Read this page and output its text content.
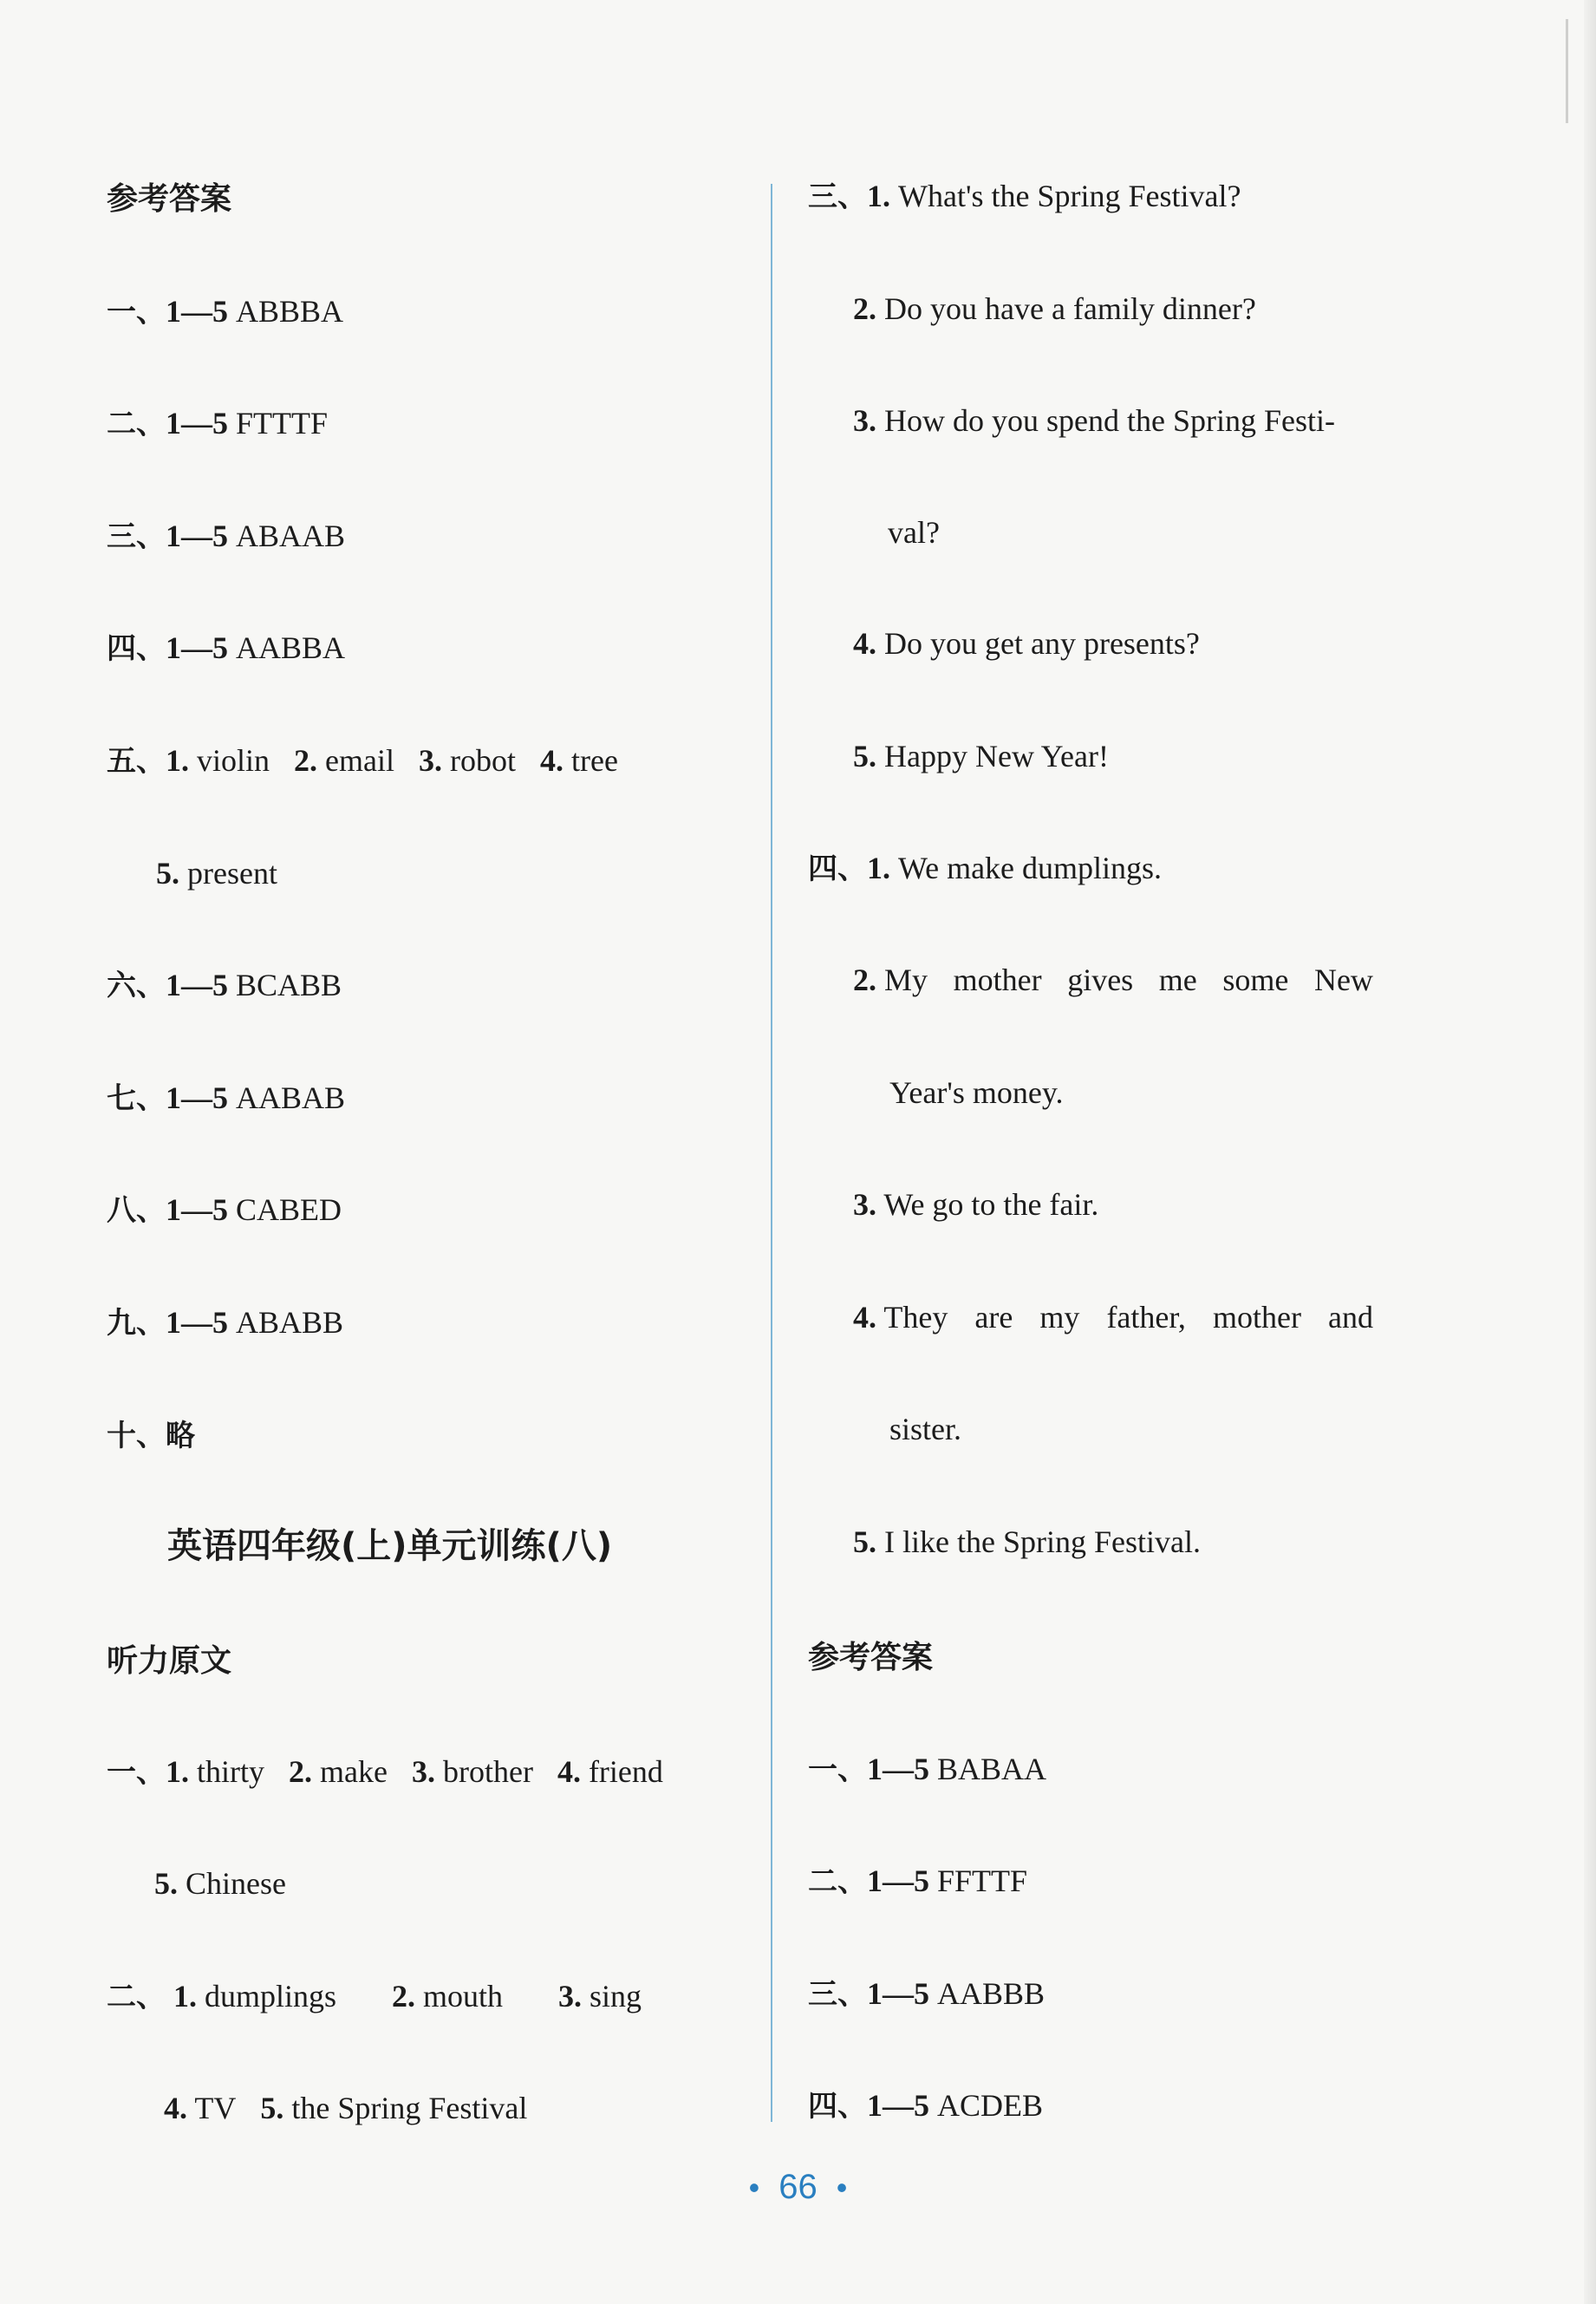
参考答案
一、1—5 ABBBA
二、1—5 FTTTF
三、1—5 ABAAB
四、1—5 AABBA
五、1. violin 2. email 3. robot 4. tree
5. present
六、1—5 BCABB
七、1—5 AABAB
八、1—5 CABED
九、1—5 ABABB
十、略
英语四年级(上)单元训练(八)
听力原文
一、1. thirty 2. make 3. brother 4. friend
5. Chinese
二、 1. dumplings 2. mouth 3. sing
4. TV 5. the Spring Festival
三、1. What's the Spring Festival?
2. Do you have a family dinner?
3. How do you spend the Spring Festi-
val?
4. Do you get any presents?
5. Happy New Year!
四、1. We make dumplings.
2. My mother gives me some New
Year's money.
3. We go to the fair.
4. They are my father, mother and
sister.
5. I like the Spring Festival.
参考答案
一、1—5 BABAA
二、1—5 FFTTF
三、1—5 AABBB
四、1—5 ACDEB
• 66 •
